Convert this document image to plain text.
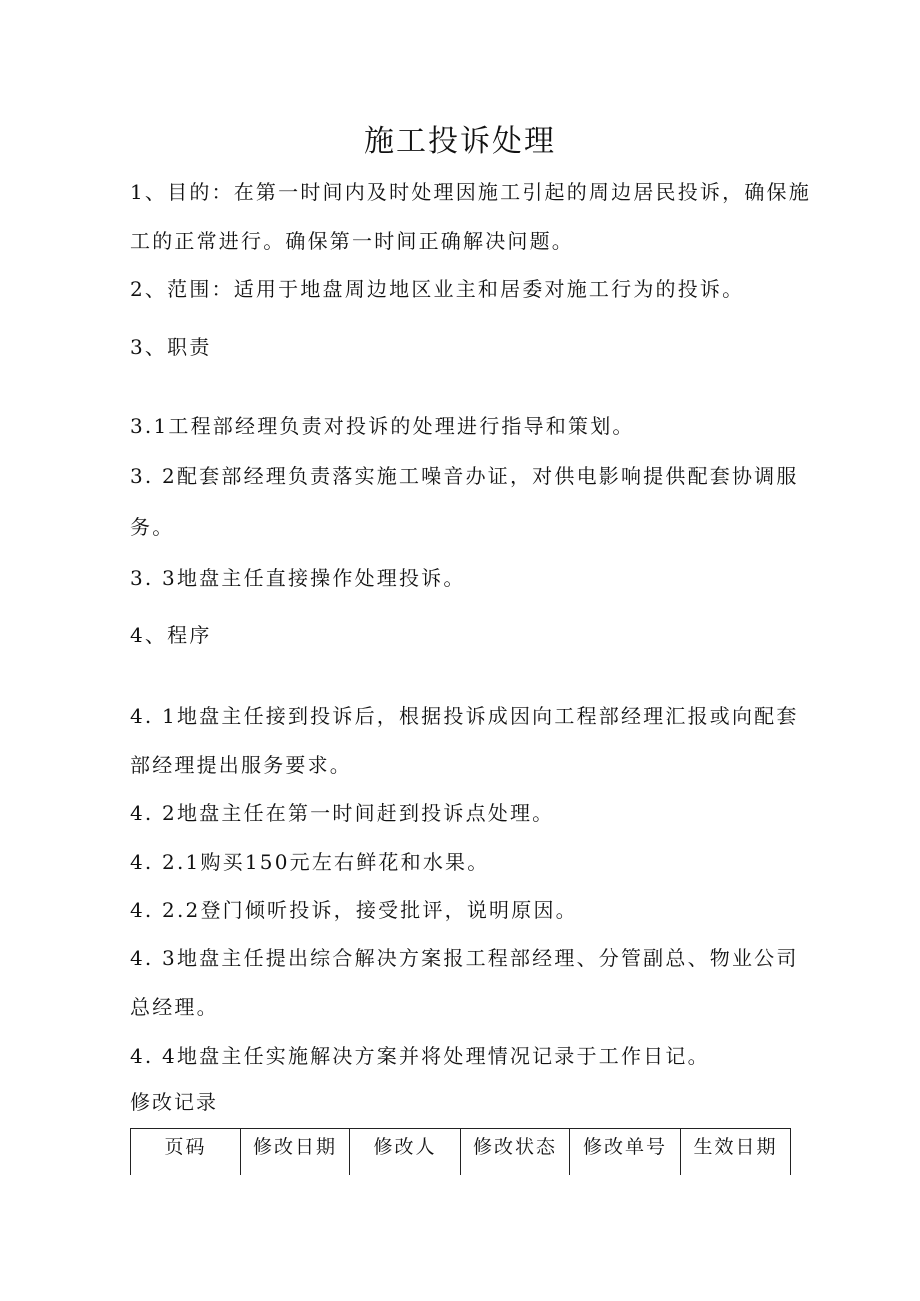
施工投诉处理
1、目的：在第一时间内及时处理因施工引起的周边居民投诉，确保施
工的正常进行。确保第一时间正确解决问题。
2、范围：适用于地盘周边地区业主和居委对施工行为的投诉。
3、职责
3.1工程部经理负责对投诉的处理进行指导和策划。
3. 2配套部经理负责落实施工噪音办证，对供电影响提供配套协调服
务。
3. 3地盘主任直接操作处理投诉。
4、程序
4. 1地盘主任接到投诉后，根据投诉成因向工程部经理汇报或向配套
部经理提出服务要求。
4. 2地盘主任在第一时间赶到投诉点处理。
4. 2.1购买150元左右鲜花和水果。
4. 2.2登门倾听投诉，接受批评，说明原因。
4. 3地盘主任提出综合解决方案报工程部经理、分管副总、物业公司
总经理。
4. 4地盘主任实施解决方案并将处理情况记录于工作日记。
修改记录
页码	修改日期	修改人	修改状态	修改单号	生效日期
